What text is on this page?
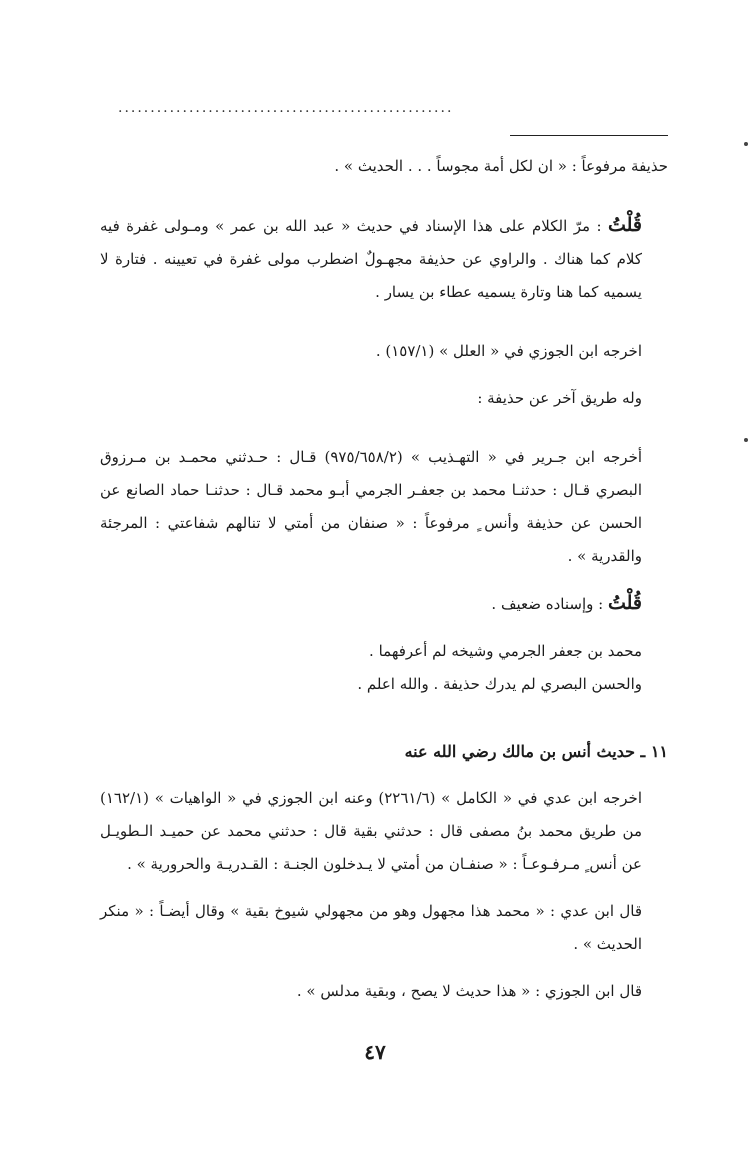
....................................................

حذيفة مرفوعاً : « ان لكل أمة مجوساً . . . الحديث » .

قُلْتُ : مرّ الكلام على هذا الإسناد في حديث « عبد الله بن عمر » ومـولى غفرة فيه كلام كما هناك . والراوي عن حذيفة مجهـولٌ اضطرب مولى غفرة في تعيينه . فتارة لا يسميه كما هنا وتارة يسميه عطاء بن يسار .

اخرجه ابن الجوزي في « العلل » (١٥٧/١) .

وله طريق آخر عن حذيفة :

أخرجه ابن جـرير في « التهـذيب » (٩٧٥/٦٥٨/٢) قـال : حـدثني محمـد بن مـرزوق البصري قـال : حدثنـا محمد بن جعفـر الجرمي أبـو محمد قـال : حدثنـا حماد الصانع عن الحسن عن حذيفة وأنس ٍ مرفوعاً : « صنفان من أمتي لا تنالهم شفاعتي : المرجئة والقدرية » .

قُلْتُ : وإسناده ضعيف .

محمد بن جعفر الجرمي وشيخه لم أعرفهما .

والحسن البصري لم يدرك حذيفة . والله اعلم .

١١ ـ حديث أنس بن مالك رضي الله عنه

اخرجه ابن عدي في « الكامل » (٢٢٦١/٦) وعنه ابن الجوزي في « الواهيات » (١٦٢/١) من طريق محمد بنُ مصفى قال : حدثني بقية قال : حدثني محمد عن حميـد الـطويـل عن أنس ٍ مـرفـوعـاً : « صنفـان من أمتي لا يـدخلون الجنـة : القـدريـة والحرورية » .

قال ابن عدي : « محمد هذا مجهول وهو من مجهولي شيوخ بقية » وقال أيضـاً : « منكر الحديث » .

قال ابن الجوزي : « هذا حديث لا يصح ، وبقية مدلس » .

٤٧
